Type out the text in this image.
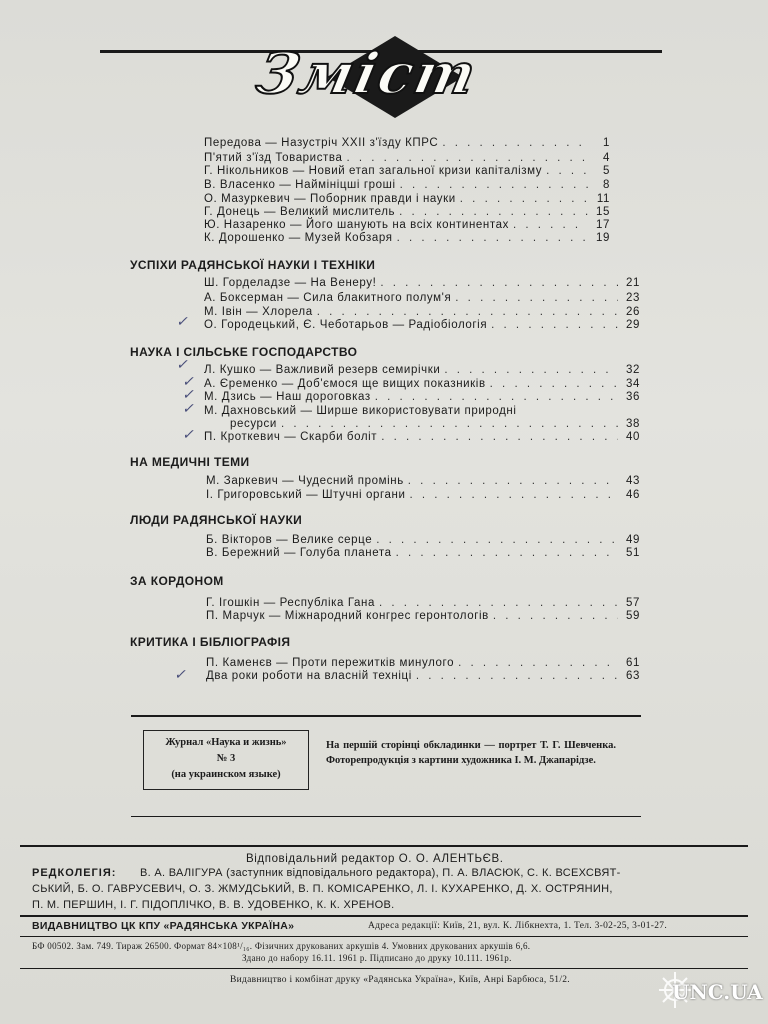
Зміст
Передова — Назустріч XXII з'їзду КПРС . . .	1
П'ятий з'їзд Товариства . . .	4
Г. Нікольников — Новий етап загальної кризи капіталізму . . .	5
В. Власенко — Наймініцші гроші . . .	8
О. Мазуркевич — Поборник правди і науки . . .	11
Г. Донець — Великий мислитель . . .	15
Ю. Назаренко — Його шанують на всіх континентах . . .	17
К. Дорошенко — Музей Кобзаря . . .	19
УСПІХИ РАДЯНСЬКОЇ НАУКИ І ТЕХНІКИ
Ш. Горделадзе — На Венеру! . . .	21
А. Боксерман — Сила блакитного полум'я . . .	23
М. Івін — Хлорела . . .	26
✓ О. Городецький, Є. Чеботарьов — Радіобіологія . . .	29
НАУКА І СІЛЬСЬКЕ ГОСПОДАРСТВО
Л. Кушко — Важливий резерв семирічки . . .	32
✓
✓ А. Єременко — Доб'ємося ще вищих показників . . .	34
✓ М. Дзись — Наш дороговказ . . .	36
✓ М. Дахновський — Ширше використовувати природні
ресурси . . .	38
✓ П. Кроткевич — Скарби боліт . . .	40
НА МЕДИЧНІ ТЕМИ
М. Заркевич — Чудесний промінь . . .	43
І. Григоровський — Штучні органи . . .	46
ЛЮДИ РАДЯНСЬКОЇ НАУКИ
Б. Вікторов — Велике серце . . .	49
В. Бережний — Голуба планета . . .	51
ЗА КОРДОНОМ
Г. Ігошкін — Республіка Гана . . .	57
П. Марчук — Міжнародний конгрес геронтологів . . .	59
КРИТИКА І БІБЛІОГРАФІЯ
П. Каменєв — Проти пережитків минулого . . .	61
✓ Два роки роботи на власній техніці . . .	63
Журнал «Наука и жизнь»
№ 3
(на украинском языке)
На першій сторінці обкладинки — портрет Т. Г. Шевченка. Фоторепродукція з картини художника І. М. Джапарідзе.
Відповідальний редактор О. О. АЛЕНТЬЄВ.
РЕДКОЛЕГІЯ: В. А. ВАЛІГУРА (заступник відповідального редактора), П. А. ВЛАСЮК, С. К. ВСЕХСВЯТ-
СЬКИЙ, Б. О. ГАВРУСЕВИЧ, О. З. ЖМУДСЬКИЙ, В. П. КОМІСАРЕНКО, Л. І. КУХАРЕНКО, Д. Х. ОСТРЯНИН,
П. М. ПЕРШИН, І. Г. ПІДОПЛІЧКО, В. В. УДОВЕНКО, К. К. ХРЕНОВ.
ВИДАВНИЦТВО ЦК КПУ «РАДЯНСЬКА УКРАЇНА»	Адреса редакції: Київ, 21, вул. К. Лібкнехта, 1. Тел. 3-02-25, 3-01-27.
БФ 00502. Зам. 749. Тираж 26500. Формат 84×108¹/₁₆. Фізичних друкованих аркушів 4. Умовних друкованих аркушів 6,6.
Здано до набору 16.11. 1961 р. Підписано до друку 10.111. 1961р.
Видавництво і комбінат друку «Радянська Україна», Київ, Анрі Барбюса, 51/2.	UNC.UA
